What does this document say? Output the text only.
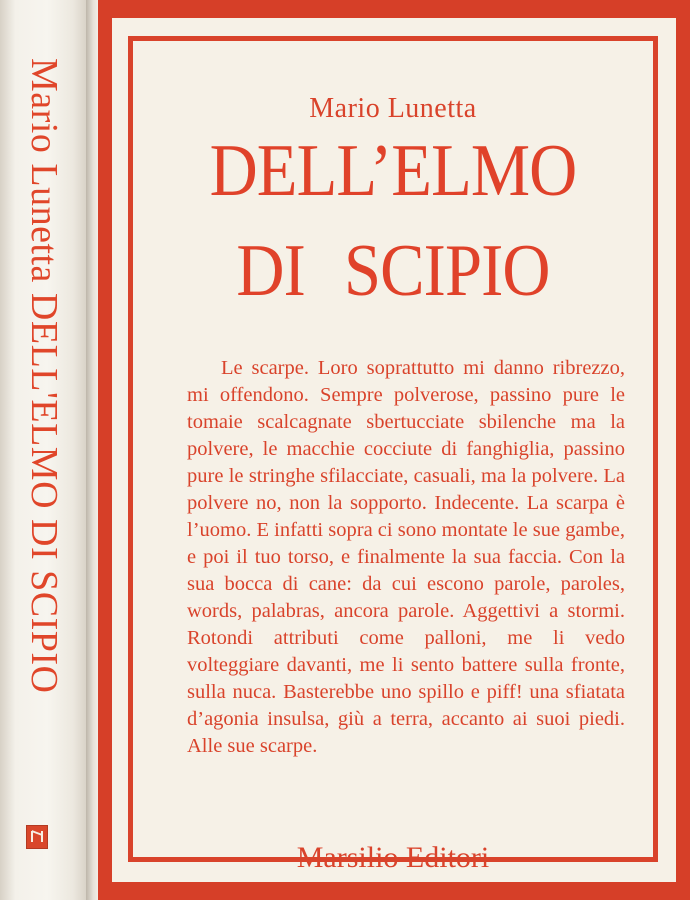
Mario Lunetta DELL'ELMO DI SCIPIO	Mario Lunetta

DELL’ELMO
DI SCIPIO

Le scarpe. Loro soprattutto mi danno ribrezzo, mi offendono. Sempre polverose, passino pure le tomaie scalcagnate sbertucciate sbilenche ma la polvere, le macchie cocciute di fanghiglia, passino pure le stringhe sfilacciate, casuali, ma la polvere. La polvere no, non la sopporto. Indecente. La scarpa è l’uomo. E infatti sopra ci sono montate le sue gambe, e poi il tuo torso, e finalmente la sua faccia. Con la sua bocca di cane: da cui escono parole, paroles, words, palabras, ancora parole. Aggettivi a stormi. Rotondi attributi come palloni, me li vedo volteggiare davanti, me li sento battere sulla fronte, sulla nuca. Basterebbe uno spillo e piff! una sfiatata d’agonia insulsa, giù a terra, accanto ai suoi piedi. Alle sue scarpe.

Marsilio Editori
